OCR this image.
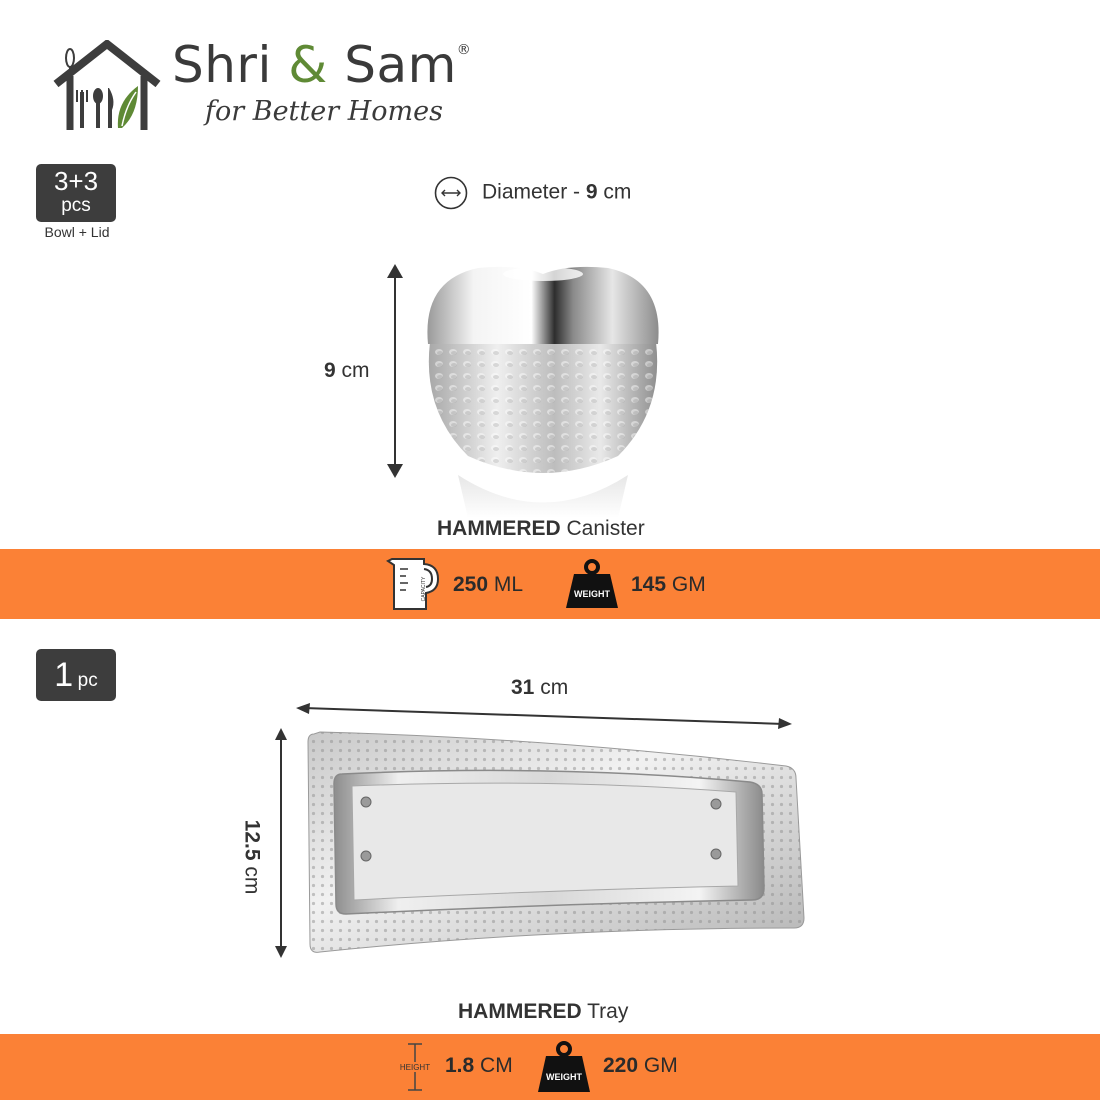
Shri & Sam®
for Better Homes
3+3
pcs
Bowl + Lid
Diameter - 9 cm
9 cm
HAMMERED Canister
CAPACITY 250 ML	WEIGHT 145 GM
1 pc	31 cm
12.5 cm
HAMMERED Tray
HEIGHT 1.8 CM	WEIGHT 220 GM
